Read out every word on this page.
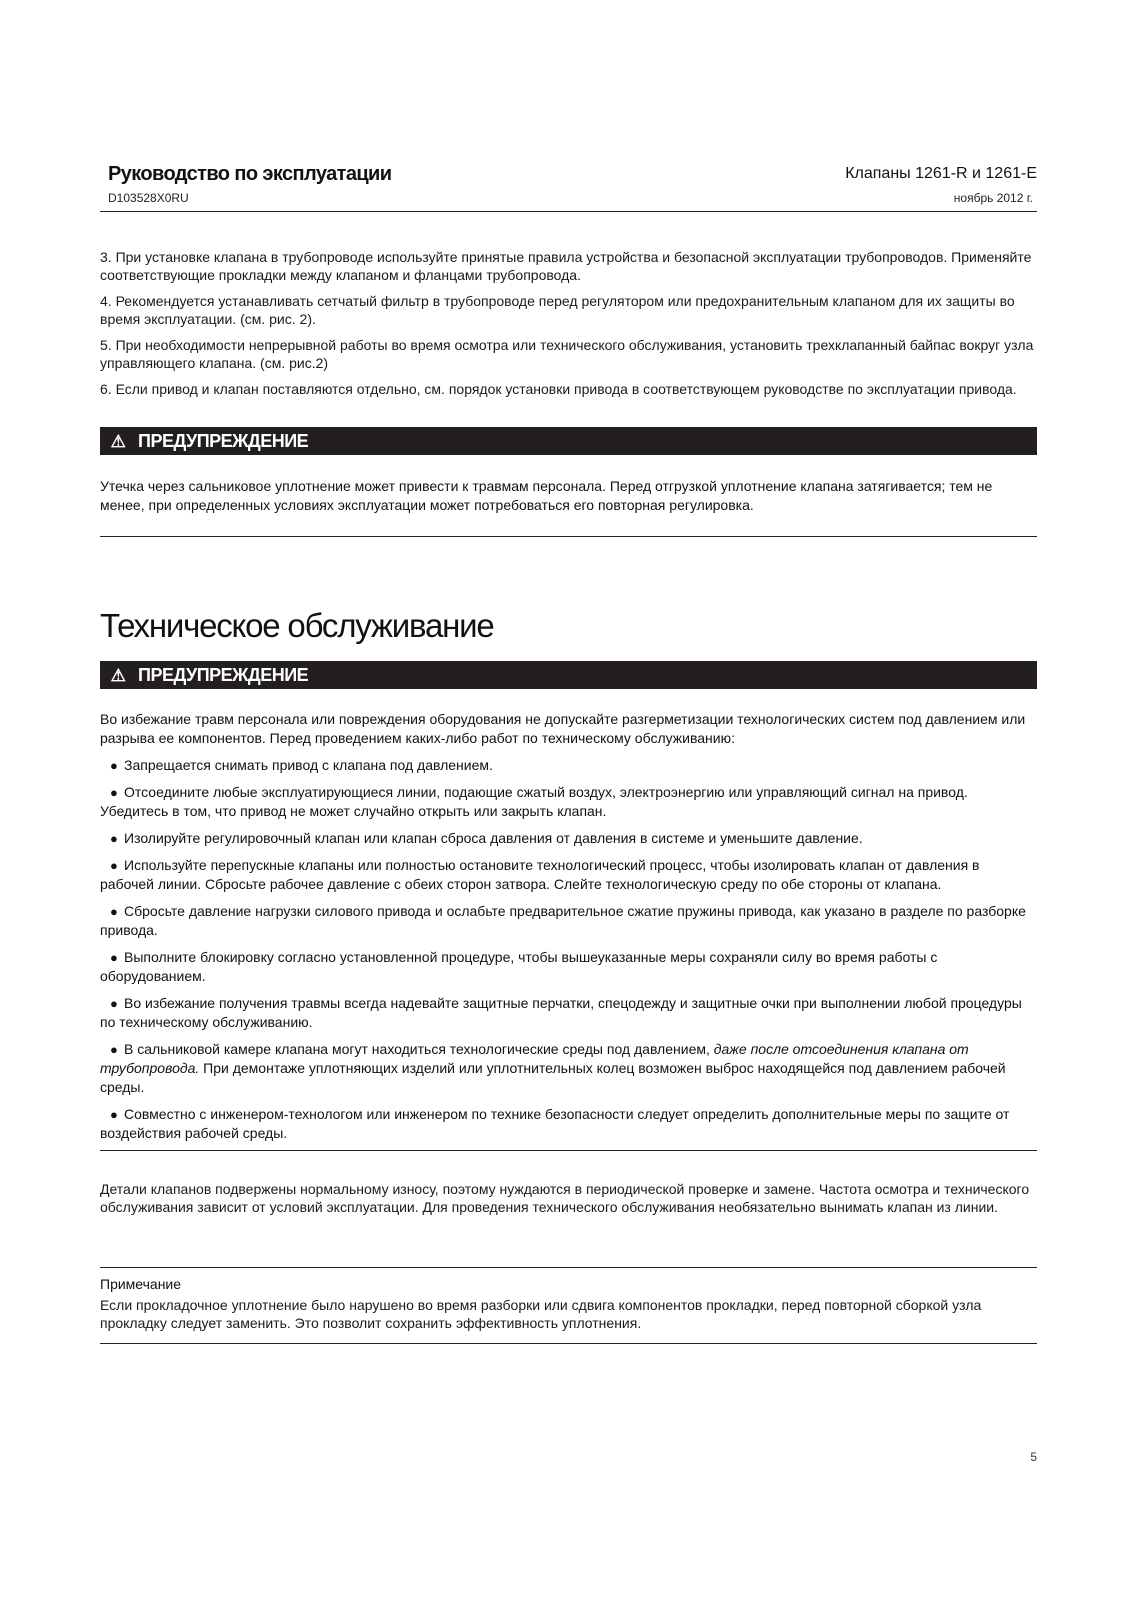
Руководство по эксплуатации	Клапаны 1261-R и 1261-E
D103528X0RU	ноябрь 2012 г.

3. При установке клапана в трубопроводе используйте принятые правила устройства и безопасной эксплуатации трубопроводов. Применяйте соответствующие прокладки между клапаном и фланцами трубопровода.

4. Рекомендуется устанавливать сетчатый фильтр в трубопроводе перед регулятором или предохранительным клапаном для их защиты во время эксплуатации. (см. рис. 2).

5. При необходимости непрерывной работы во время осмотра или технического обслуживания, установить трехклапанный байпас вокруг узла управляющего клапана. (см. рис.2)

6. Если привод и клапан поставляются отдельно, см. порядок установки привода в соответствующем руководстве по эксплуатации привода.

⚠ ПРЕДУПРЕЖДЕНИЕ

Утечка через сальниковое уплотнение может привести к травмам персонала. Перед отгрузкой уплотнение клапана затягивается; тем не менее, при определенных условиях эксплуатации может потребоваться его повторная регулировка.

Техническое обслуживание
⚠ ПРЕДУПРЕЖДЕНИЕ

Во избежание травм персонала или повреждения оборудования не допускайте разгерметизации технологических систем под давлением или разрыва ее компонентов. Перед проведением каких-либо работ по техническому обслуживанию:

● Запрещается снимать привод с клапана под давлением.

● Отсоедините любые эксплуатирующиеся линии, подающие сжатый воздух, электроэнергию или управляющий сигнал на привод. Убедитесь в том, что привод не может случайно открыть или закрыть клапан.

● Изолируйте регулировочный клапан или клапан сброса давления от давления в системе и уменьшите давление.

● Используйте перепускные клапаны или полностью остановите технологический процесс, чтобы изолировать клапан от давления в рабочей линии. Сбросьте рабочее давление с обеих сторон затвора. Слейте технологическую среду по обе стороны от клапана.

● Сбросьте давление нагрузки силового привода и ослабьте предварительное сжатие пружины привода, как указано в разделе по разборке привода.

● Выполните блокировку согласно установленной процедуре, чтобы вышеуказанные меры сохраняли силу во время работы с оборудованием.

● Во избежание получения травмы всегда надевайте защитные перчатки, спецодежду и защитные очки при выполнении любой процедуры по техническому обслуживанию.

● В сальниковой камере клапана могут находиться технологические среды под давлением, даже после отсоединения клапана от трубопровода. При демонтаже уплотняющих изделий или уплотнительных колец возможен выброс находящейся под давлением рабочей среды.

● Совместно с инженером-технологом или инженером по технике безопасности следует определить дополнительные меры по защите от воздействия рабочей среды.

Детали клапанов подвержены нормальному износу, поэтому нуждаются в периодической проверке и замене. Частота осмотра и технического обслуживания зависит от условий эксплуатации. Для проведения технического обслуживания необязательно вынимать клапан из линии.

Примечание

Если прокладочное уплотнение было нарушено во время разборки или сдвига компонентов прокладки, перед повторной сборкой узла прокладку следует заменить. Это позволит сохранить эффективность уплотнения.

5
